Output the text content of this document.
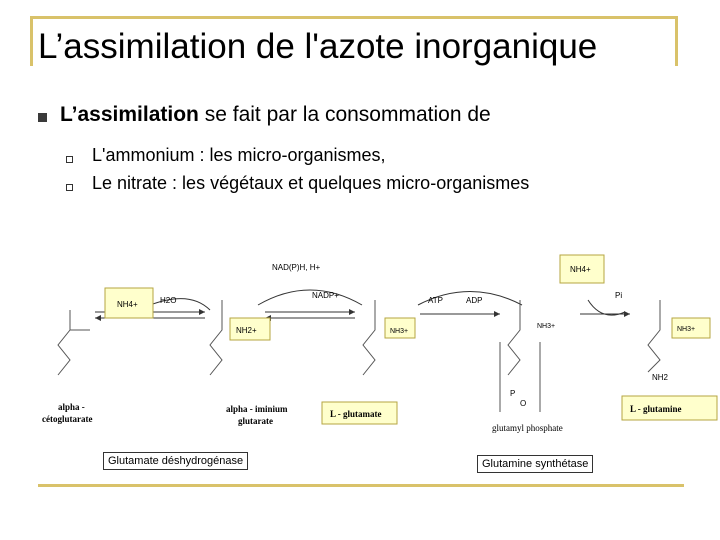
L’assimilation de l'azote inorganique
L’assimilation se fait par la consommation de
L'ammonium : les micro-organismes,
Le nitrate : les végétaux et quelques micro-organismes
NAD(P)H, H+
NADP+
ATP	ADP
Pi
NH4+	H2O
NH4+
NH2+	NH3+
NH3+	NH3+
NH2
P
O
alpha -
cétoglutarate
alpha - iminium
glutarate
L - glutamate
glutamyl phosphate
L - glutamine
Glutamate déshydrogénase	Glutamine synthétase
